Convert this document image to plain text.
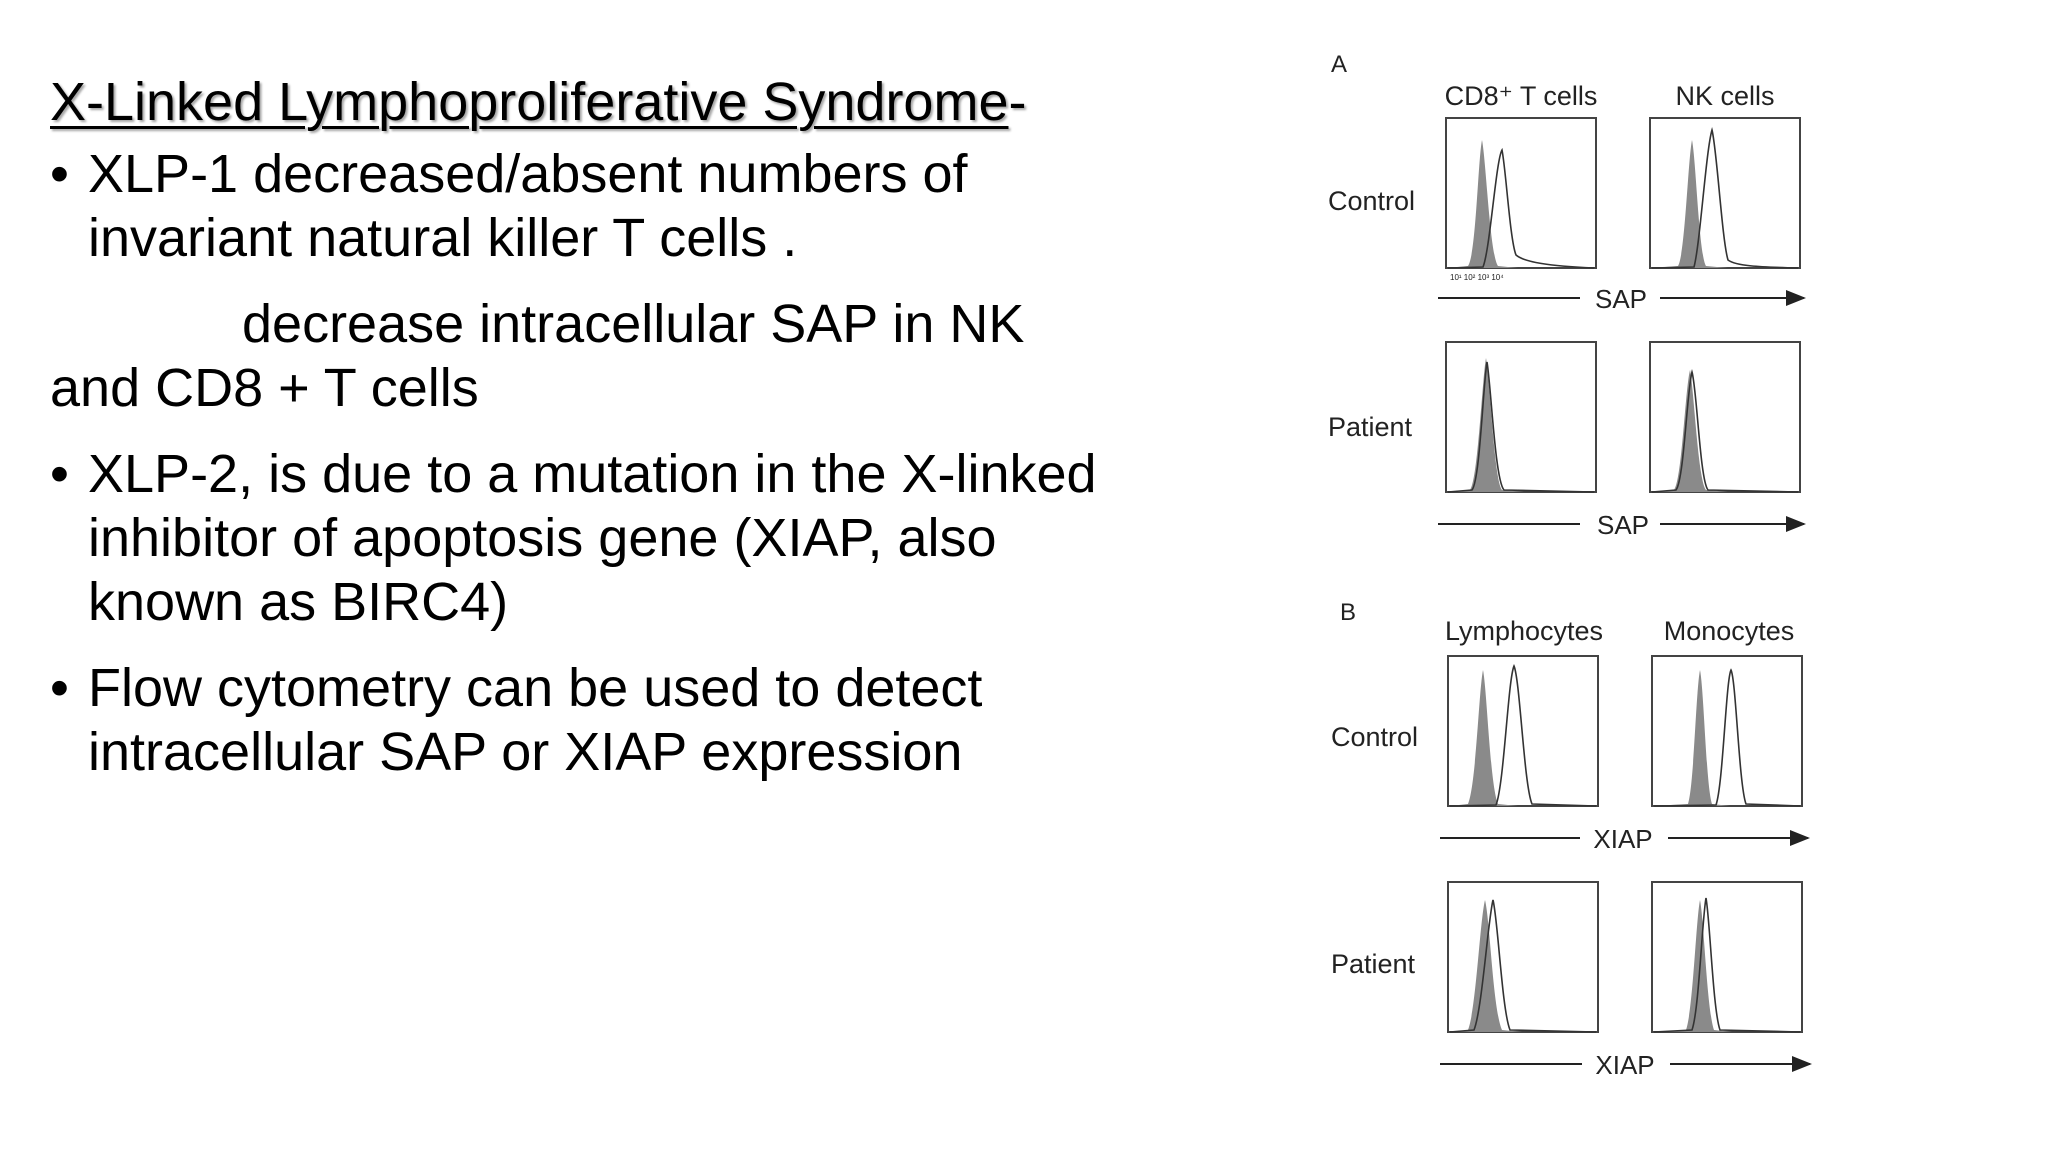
X-Linked Lymphoproliferative Syndrome-

• XLP-1 decreased/absent numbers of
invariant natural killer T cells .
decrease intracellular SAP in NK
and CD8 + T cells
• XLP-2, is due to a mutation in the X-linked
inhibitor of apoptosis gene (XIAP, also
known as BIRC4)
• Flow cytometry can be used to detect
intracellular SAP or XIAP expression
A
CD8⁺ T cells	NK cells
Control
Patient
10¹ 10² 10³ 10⁴
SAP
SAP
B
Lymphocytes Monocytes
Control
Patient
XIAP
XIAP
